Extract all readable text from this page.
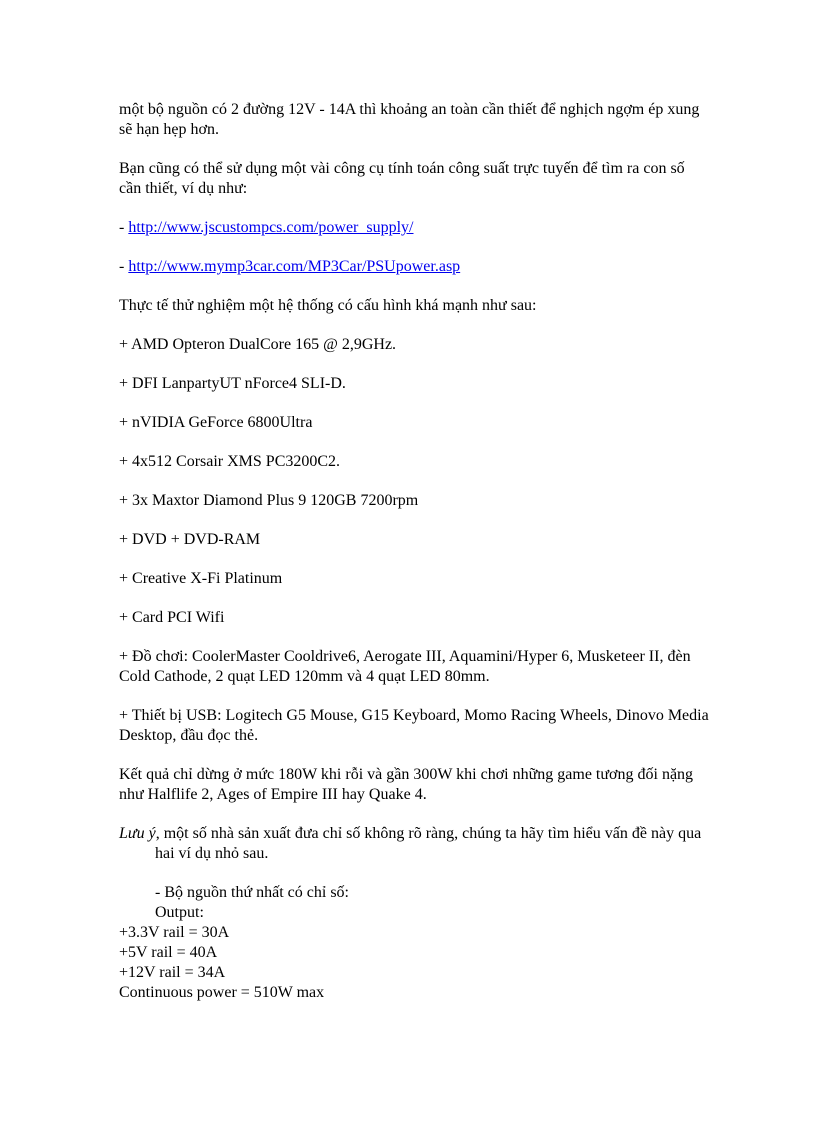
một bộ nguồn có 2 đường 12V - 14A thì khoảng an toàn cần thiết để nghịch ngợm ép xung sẽ hạn hẹp hơn.

Bạn cũng có thể sử dụng một vài công cụ tính toán công suất trực tuyến để tìm ra con số cần thiết, ví dụ như:

- http://www.jscustompcs.com/power_supply/

- http://www.mymp3car.com/MP3Car/PSUpower.asp

Thực tế thử nghiệm một hệ thống có cấu hình khá mạnh như sau:

+ AMD Opteron DualCore 165 @ 2,9GHz.

+ DFI LanpartyUT nForce4 SLI-D.

+ nVIDIA GeForce 6800Ultra

+ 4x512 Corsair XMS PC3200C2.

+ 3x Maxtor Diamond Plus 9 120GB 7200rpm

+ DVD + DVD-RAM

+ Creative X-Fi Platinum

+ Card PCI Wifi

+ Đồ chơi: CoolerMaster Cooldrive6, Aerogate III, Aquamini/Hyper 6, Musketeer II, đèn Cold Cathode, 2 quạt LED 120mm và 4 quạt LED 80mm.

+ Thiết bị USB: Logitech G5 Mouse, G15 Keyboard, Momo Racing Wheels, Dinovo Media Desktop, đầu đọc thẻ.

Kết quả chỉ dừng ở mức 180W khi rỗi và gần 300W khi chơi những game tương đối nặng như Halflife 2, Ages of Empire III hay Quake 4.

Lưu ý, một số nhà sản xuất đưa chỉ số không rõ ràng, chúng ta hãy tìm hiểu vấn đề này qua hai ví dụ nhỏ sau.

- Bộ nguồn thứ nhất có chỉ số:

Output:

+3.3V rail = 30A

+5V rail = 40A

+12V rail = 34A

Continuous power = 510W max
